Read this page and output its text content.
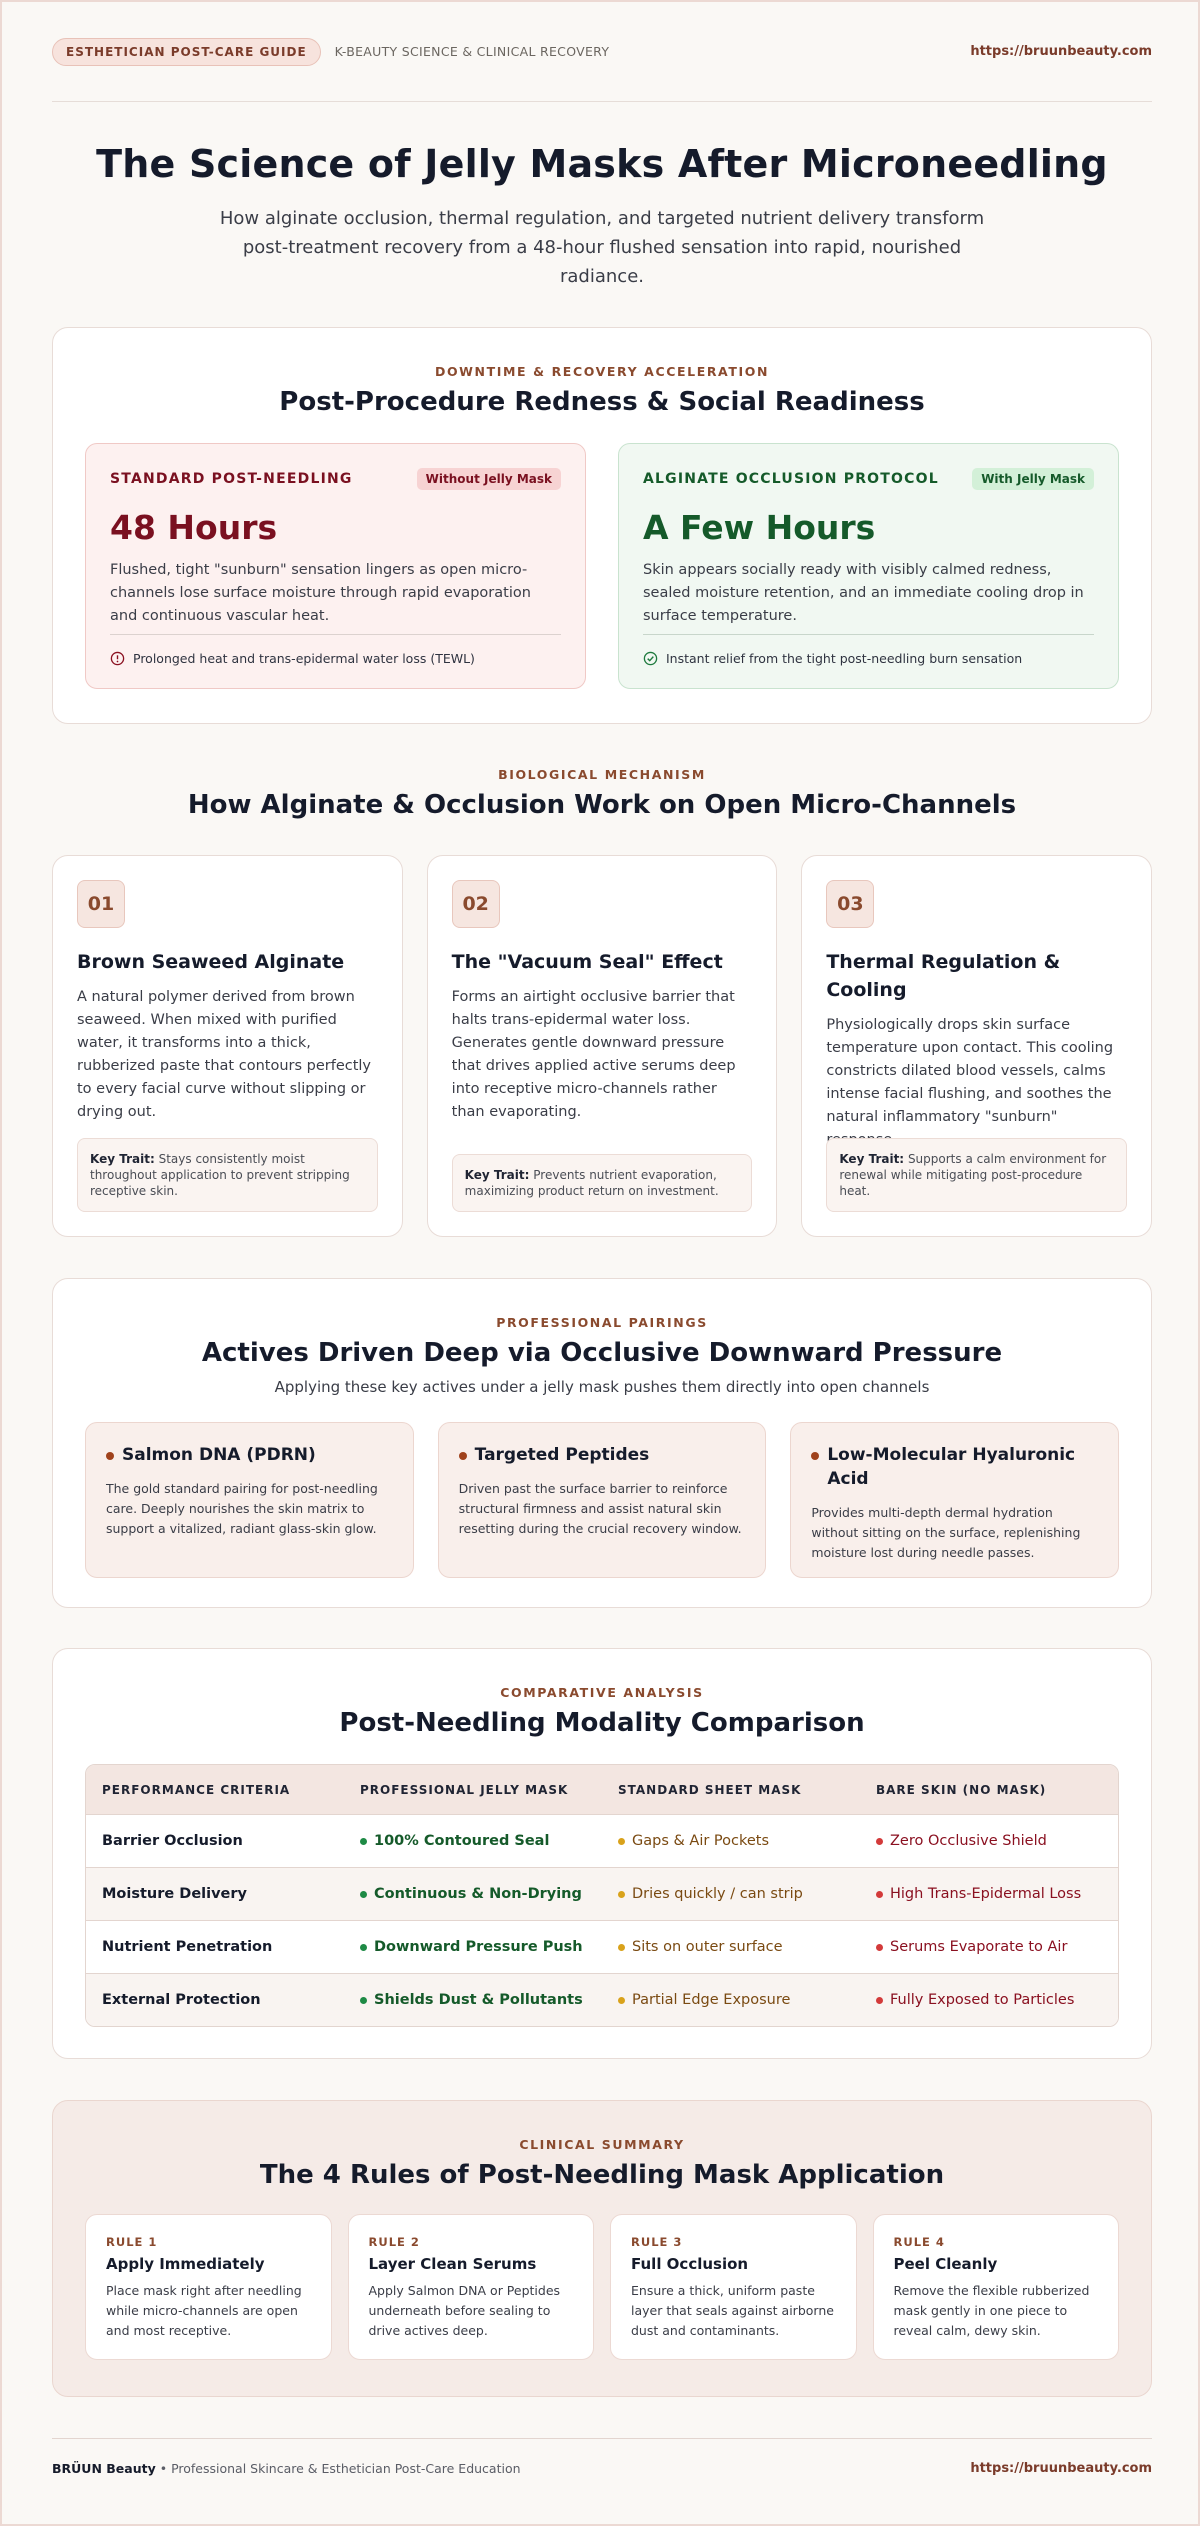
ESTHETICIAN POST-CARE GUIDE	K-BEAUTY SCIENCE & CLINICAL RECOVERY	https://bruunbeauty.com
The Science of Jelly Masks After Microneedling

How alginate occlusion, thermal regulation, and targeted nutrient delivery transform post-treatment recovery from a 48-hour flushed sensation into rapid, nourished radiance.

DOWNTIME & RECOVERY ACCELERATION
Post-Procedure Redness & Social Readiness
STANDARD POST-NEEDLING	Without Jelly Mask
48 Hours
Flushed, tight "sunburn" sensation lingers as open micro-channels lose surface moisture through rapid evaporation and continuous vascular heat.
Prolonged heat and trans-epidermal water loss (TEWL)
ALGINATE OCCLUSION PROTOCOL	With Jelly Mask
A Few Hours
Skin appears socially ready with visibly calmed redness, sealed moisture retention, and an immediate cooling drop in surface temperature.
Instant relief from the tight post-needling burn sensation
BIOLOGICAL MECHANISM
How Alginate & Occlusion Work on Open Micro-Channels
01
Brown Seaweed Alginate

A natural polymer derived from brown seaweed. When mixed with purified water, it transforms into a thick, rubberized paste that contours perfectly to every facial curve without slipping or drying out.

Key Trait: Stays consistently moist throughout application to prevent stripping receptive skin.
02
The "Vacuum Seal" Effect

Forms an airtight occlusive barrier that halts trans-epidermal water loss. Generates gentle downward pressure that drives applied active serums deep into receptive micro-channels rather than evaporating.

Key Trait: Prevents nutrient evaporation, maximizing product return on investment.
03
Thermal Regulation & Cooling

Physiologically drops skin surface temperature upon contact. This cooling constricts dilated blood vessels, calms intense facial flushing, and soothes the natural inflammatory "sunburn"

Key Trait: Supports a calm environment for renewal while mitigating post-procedure heat.
PROFESSIONAL PAIRINGS
Actives Driven Deep via Occlusive Downward Pressure
Applying these key actives under a jelly mask pushes them directly into open channels
Salmon DNA (PDRN)

The gold standard pairing for post-needling care. Deeply nourishes the skin matrix to support a vitalized, radiant glass-skin glow.

Targeted Peptides

Driven past the surface barrier to reinforce structural firmness and assist natural skin resetting during the crucial recovery window.

Low-Molecular Hyaluronic Acid

Provides multi-depth dermal hydration without sitting on the surface, replenishing moisture lost during needle passes.

COMPARATIVE ANALYSIS
Post-Needling Modality Comparison
PERFORMANCE CRITERIA	PROFESSIONAL JELLY MASK	STANDARD SHEET MASK	BARE SKIN (NO MASK)
Barrier Occlusion	100% Contoured Seal	Gaps & Air Pockets	Zero Occlusive Shield
Moisture Delivery	Continuous & Non-Drying	Dries quickly / can strip	High Trans-Epidermal Loss
Nutrient Penetration	Downward Pressure Push	Sits on outer surface	Serums Evaporate to Air
External Protection	Shields Dust & Pollutants	Partial Edge Exposure	Fully Exposed to Particles
CLINICAL SUMMARY
The 4 Rules of Post-Needling Mask Application
RULE 1
Apply Immediately

Place mask right after needling while micro-channels are open and most receptive.

RULE 2
Layer Clean Serums

Apply Salmon DNA or Peptides underneath before sealing to drive actives deep.

RULE 3
Full Occlusion

Ensure a thick, uniform paste layer that seals against airborne dust and contaminants.

RULE 4
Peel Cleanly

Remove the flexible rubberized mask gently in one piece to reveal calm, dewy skin.

BRÜUN Beauty • Professional Skincare & Esthetician Post-Care Education	https://bruunbeauty.com
